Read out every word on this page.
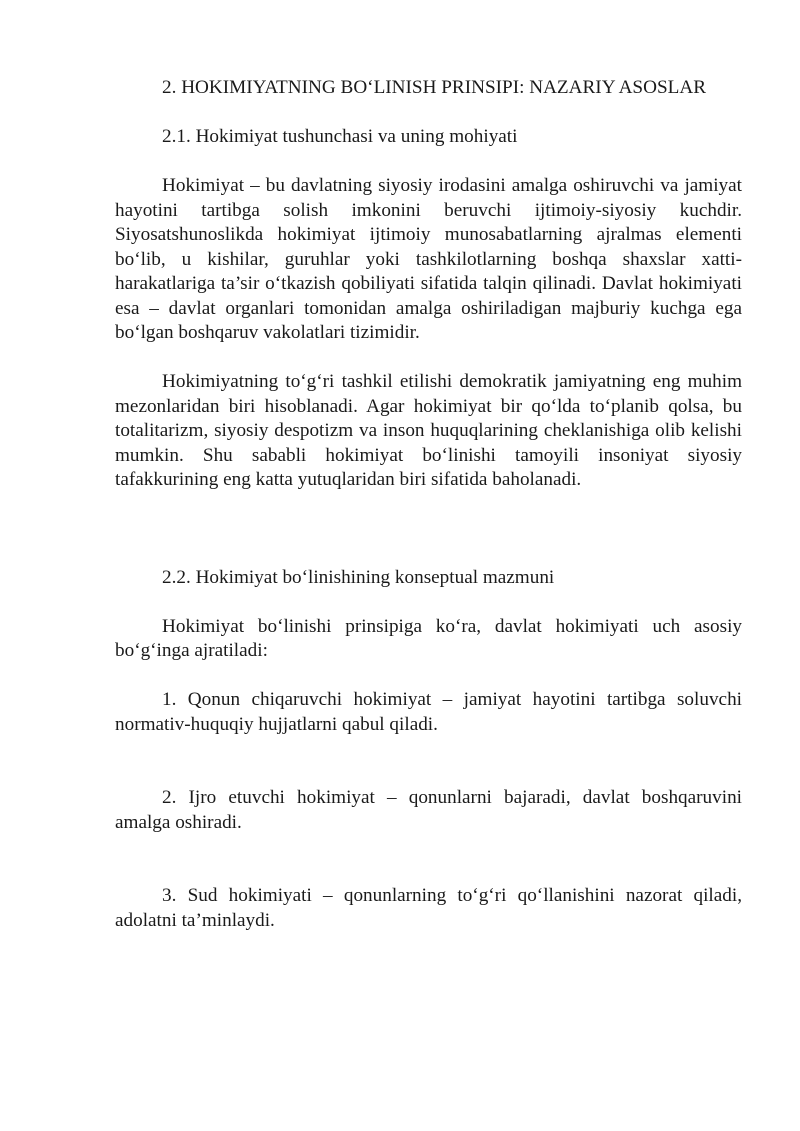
2. HOKIMIYATNING BO‘LINISH PRINSIPI: NAZARIY ASOSLAR

2.1. Hokimiyat tushunchasi va uning mohiyati

Hokimiyat – bu davlatning siyosiy irodasini amalga oshiruvchi va jamiyat hayotini tartibga solish imkonini beruvchi ijtimoiy-siyosiy kuchdir. Siyosatshunoslikda hokimiyat ijtimoiy munosabatlarning ajralmas elementi bo‘lib, u kishilar, guruhlar yoki tashkilotlarning boshqa shaxslar xatti-harakatlariga ta’sir o‘tkazish qobiliyati sifatida talqin qilinadi. Davlat hokimiyati esa – davlat organlari tomonidan amalga oshiriladigan majburiy kuchga ega bo‘lgan boshqaruv vakolatlari tizimidir.

Hokimiyatning to‘g‘ri tashkil etilishi demokratik jamiyatning eng muhim mezonlaridan biri hisoblanadi. Agar hokimiyat bir qo‘lda to‘planib qolsa, bu totalitarizm, siyosiy despotizm va inson huquqlarining cheklanishiga olib kelishi mumkin. Shu sababli hokimiyat bo‘linishi tamoyili insoniyat siyosiy tafakkurining eng katta yutuqlaridan biri sifatida baholanadi.

2.2. Hokimiyat bo‘linishining konseptual mazmuni

Hokimiyat bo‘linishi prinsipiga ko‘ra, davlat hokimiyati uch asosiy bo‘g‘inga ajratiladi:

1. Qonun chiqaruvchi hokimiyat – jamiyat hayotini tartibga soluvchi normativ-huquqiy hujjatlarni qabul qiladi.

2. Ijro etuvchi hokimiyat – qonunlarni bajaradi, davlat boshqaruvini amalga oshiradi.

3. Sud hokimiyati – qonunlarning to‘g‘ri qo‘llanishini nazorat qiladi, adolatni ta’minlaydi.
